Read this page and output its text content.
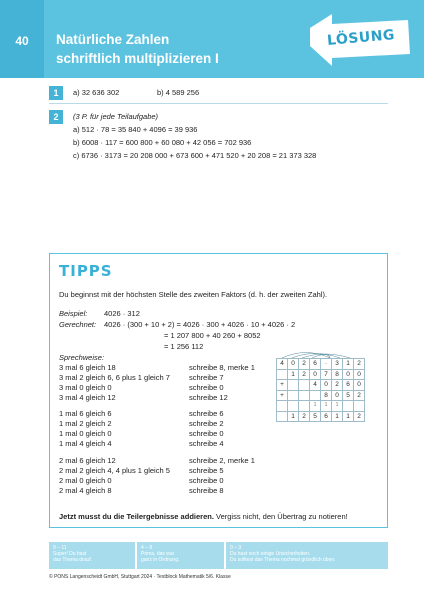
40	Natürliche Zahlen
schriftlich multiplizieren I
LÖSUNG
1	a) 32 636 302	b) 4 589 256
2	(3 P. für jede Teilaufgabe)
a) 512 · 78 = 35 840 + 4096 = 39 936
b) 6008 · 117 = 600 800 + 60 080 + 42 056 = 702 936
c) 6736 · 3173 = 20 208 000 + 673 600 + 471 520 + 20 208 = 21 373 328
TIPPS
Du beginnst mit der höchsten Stelle des zweiten Faktors (d. h. der zweiten Zahl).
Beispiel: 4026 · 312
Gerechnet: 4026 · (300 + 10 + 2) = 4026 · 300 + 4026 · 10 + 4026 · 2
= 1 207 800 + 40 260 + 8052
= 1 256 112
Sprechweise:
3 mal 6 gleich 18	schreibe 8, merke 1
3 mal 2 gleich 6, 6 plus 1 gleich 7	schreibe 7
3 mal 0 gleich 0	schreibe 0
3 mal 4 gleich 12	schreibe 12
1 mal 6 gleich 6	schreibe 6
1 mal 2 gleich 2	schreibe 2
1 mal 0 gleich 0	schreibe 0
1 mal 4 gleich 4	schreibe 4
2 mal 6 gleich 12	schreibe 2, merke 1
2 mal 2 gleich 4, 4 plus 1 gleich 5	schreibe 5
2 mal 0 gleich 0	schreibe 0
2 mal 4 gleich 8	schreibe 8
4	0	2	6	·	3	1	2
	1	2	0	7	8	0	0
+			4	0	2	6	0
+				8	0	5	2
			1	1	1		
	1	2	5	6	1	1	2
Jetzt musst du die Teilergebnisse addieren. Vergiss nicht, den Übertrag zu notieren!
9 – 11
Super! Du hast
das Thema drauf.
4 – 8
Prima, das war
ganz in Ordnung.
0 – 3
Du hast noch einige Unsicherheiten.
Du solltest das Thema nochmal gründlich üben.
© PONS Langenscheidt GmbH, Stuttgart 2024 · Testblock Mathematik 5/6. Klasse
